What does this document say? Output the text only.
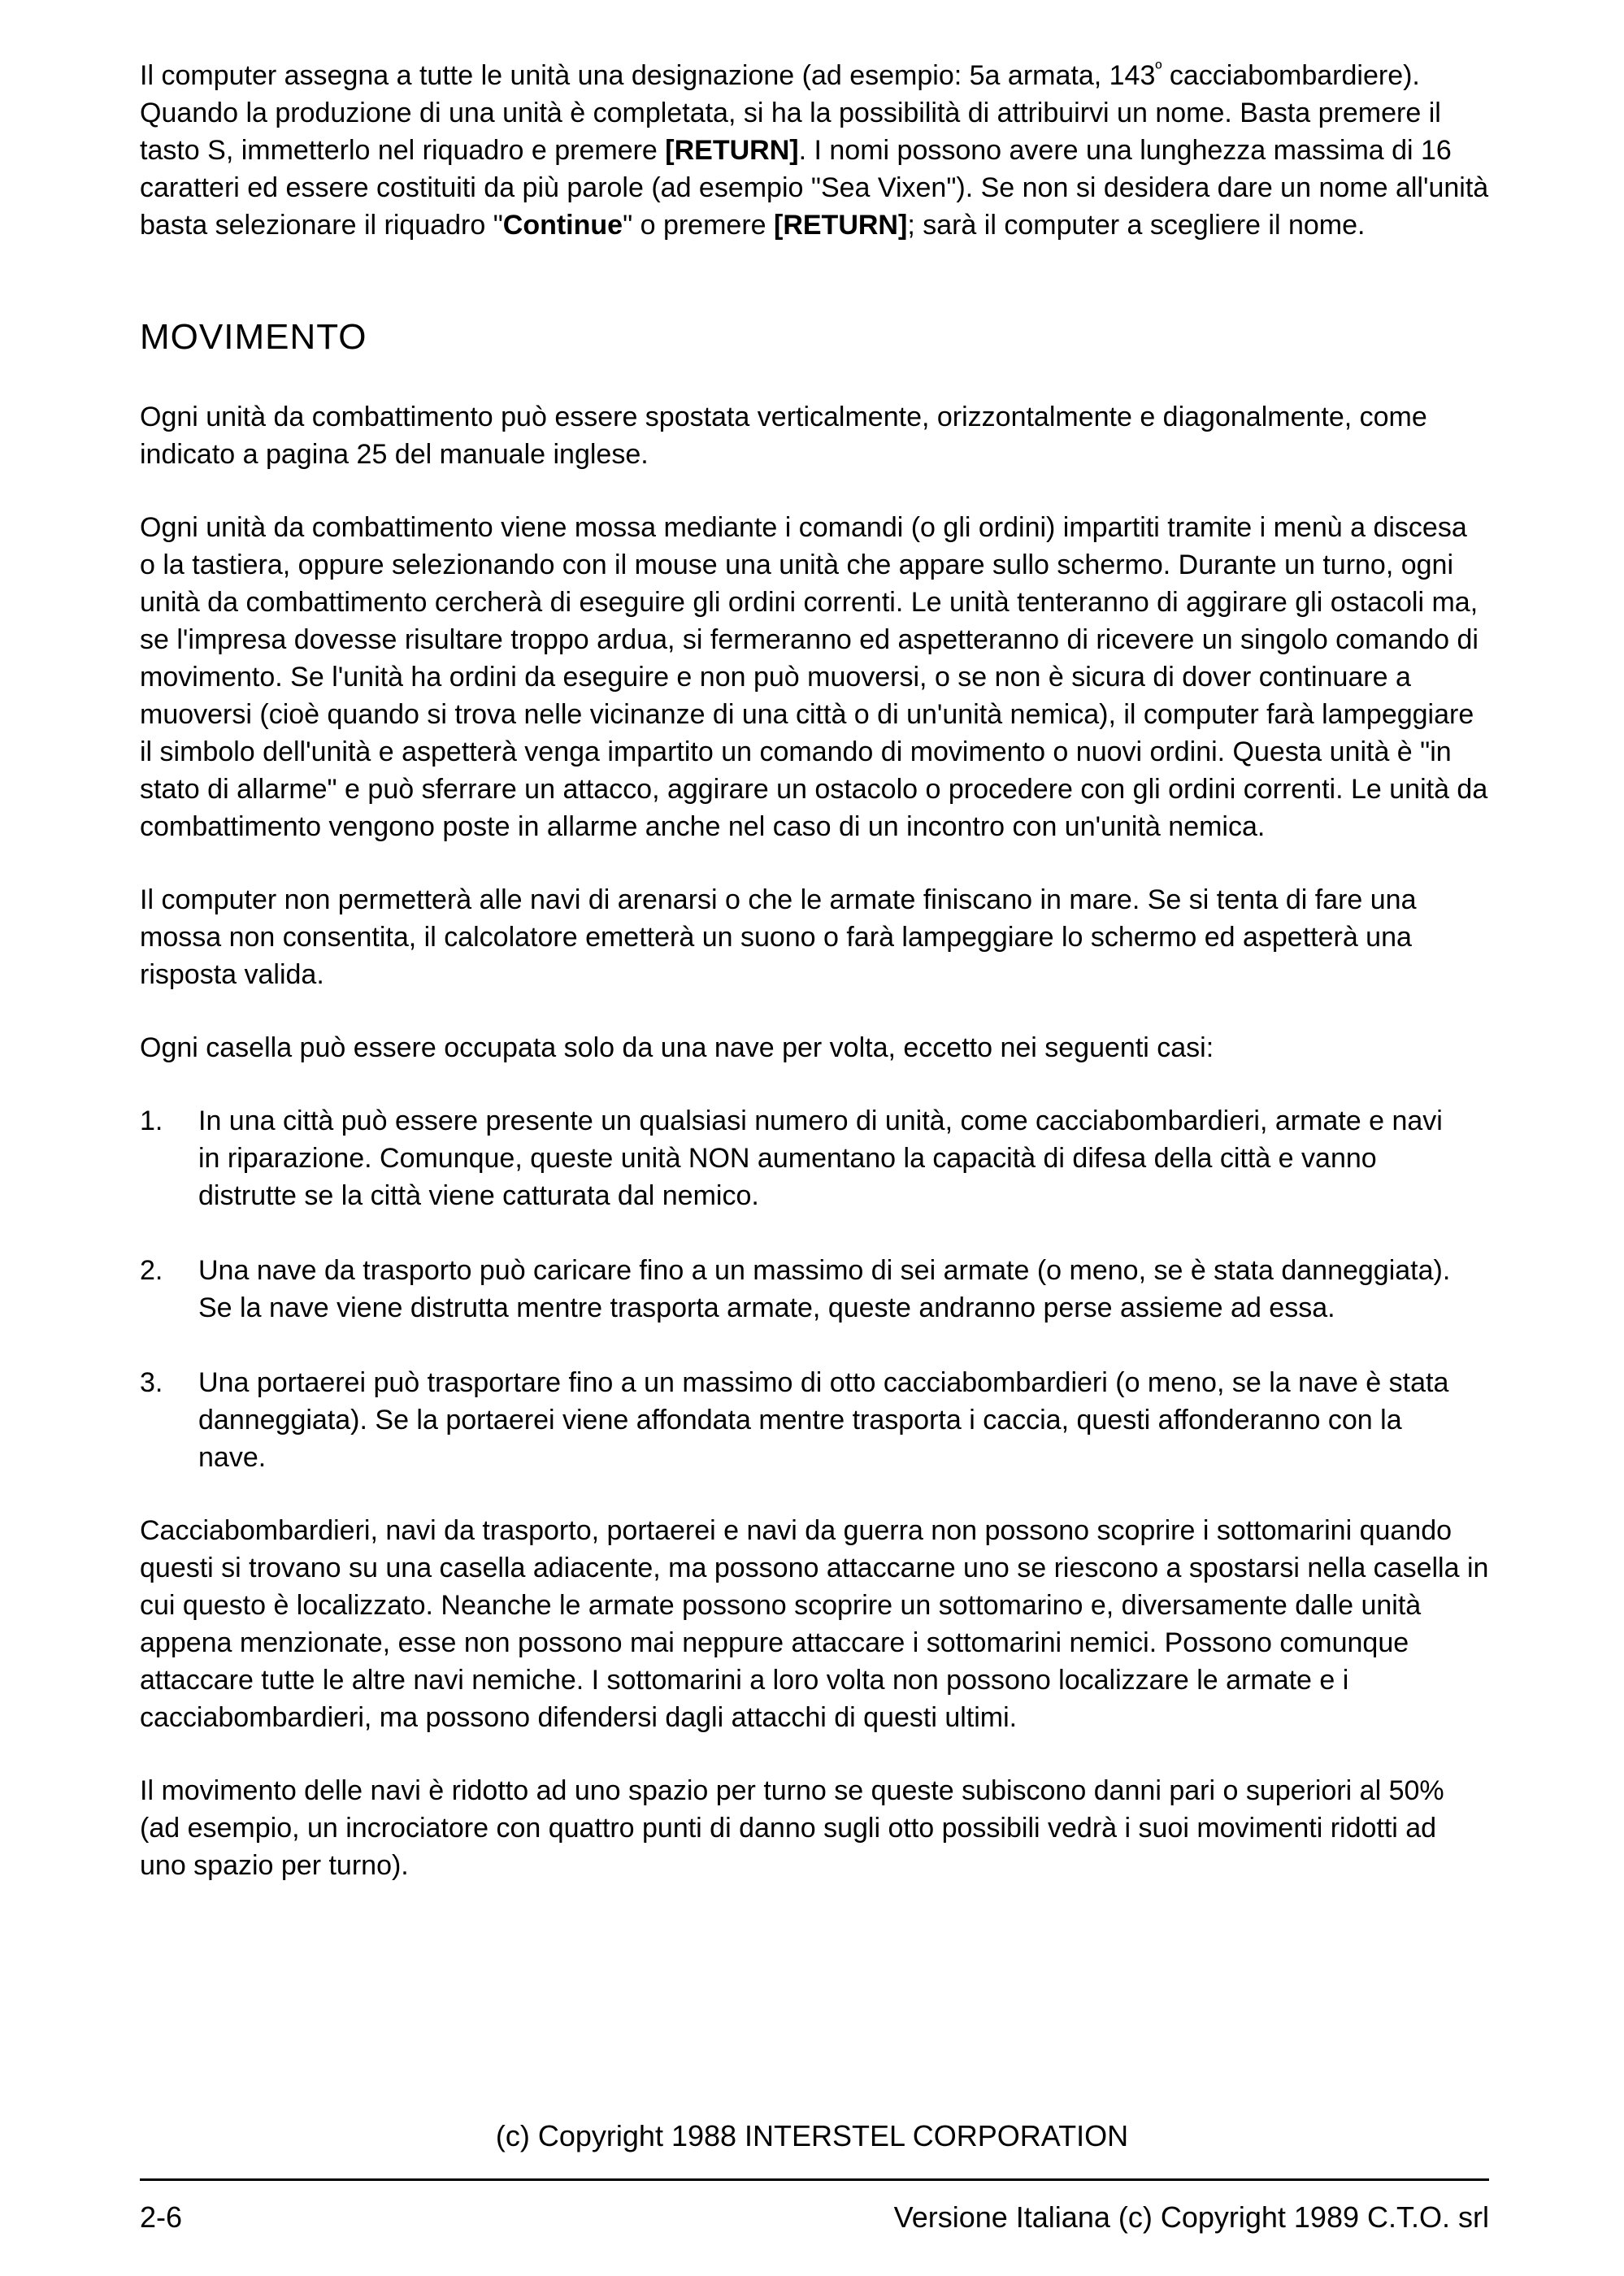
Il computer assegna a tutte le unità una designazione (ad esempio: 5a armata, $143^º$ cacciabombardiere). Quando la produzione di una unità è completata, si ha la possibilità di attribuirvi un nome. Basta premere il tasto S, immetterlo nel riquadro e premere [RETURN]. I nomi possono avere una lunghezza massima di 16 caratteri ed essere costituiti da più parole (ad esempio "Sea Vixen"). Se non si desidera dare un nome all'unità basta selezionare il riquadro "Continue" o premere [RETURN]; sarà il computer a scegliere il nome.

MOVIMENTO

Ogni unità da combattimento può essere spostata verticalmente, orizzontalmente e diagonalmente, come indicato a pagina 25 del manuale inglese.

Ogni unità da combattimento viene mossa mediante i comandi (o gli ordini) impartiti tramite i menù a discesa o la tastiera, oppure selezionando con il mouse una unità che appare sullo schermo. Durante un turno, ogni unità da combattimento cercherà di eseguire gli ordini correnti. Le unità tenteranno di aggirare gli ostacoli ma, se l'impresa dovesse risultare troppo ardua, si fermeranno ed aspetteranno di ricevere un singolo comando di movimento. Se l'unità ha ordini da eseguire e non può muoversi, o se non è sicura di dover continuare a muoversi (cioè quando si trova nelle vicinanze di una città o di un'unità nemica), il computer farà lampeggiare il simbolo dell'unità e aspetterà venga impartito un comando di movimento o nuovi ordini. Questa unità è "in stato di allarme" e può sferrare un attacco, aggirare un ostacolo o procedere con gli ordini correnti. Le unità da combattimento vengono poste in allarme anche nel caso di un incontro con un'unità nemica.

Il computer non permetterà alle navi di arenarsi o che le armate finiscano in mare. Se si tenta di fare una mossa non consentita, il calcolatore emetterà un suono o farà lampeggiare lo schermo ed aspetterà una risposta valida.

Ogni casella può essere occupata solo da una nave per volta, eccetto nei seguenti casi:

1.	In una città può essere presente un qualsiasi numero di unità, come cacciabombardieri, armate e navi in riparazione. Comunque, queste unità NON aumentano la capacità di difesa della città e vanno distrutte se la città viene catturata dal nemico.
2.	Una nave da trasporto può caricare fino a un massimo di sei armate (o meno, se è stata danneggiata). Se la nave viene distrutta mentre trasporta armate, queste andranno perse assieme ad essa.
3.	Una portaerei può trasportare fino a un massimo di otto cacciabombardieri (o meno, se la nave è stata danneggiata). Se la portaerei viene affondata mentre trasporta i caccia, questi affonderanno con la nave.

Cacciabombardieri, navi da trasporto, portaerei e navi da guerra non possono scoprire i sottomarini quando questi si trovano su una casella adiacente, ma possono attaccarne uno se riescono a spostarsi nella casella in cui questo è localizzato. Neanche le armate possono scoprire un sottomarino e, diversamente dalle unità appena menzionate, esse non possono mai neppure attaccare i sottomarini nemici. Possono comunque attaccare tutte le altre navi nemiche. I sottomarini a loro volta non possono localizzare le armate e i cacciabombardieri, ma possono difendersi dagli attacchi di questi ultimi.

Il movimento delle navi è ridotto ad uno spazio per turno se queste subiscono danni pari o superiori al 50% (ad esempio, un incrociatore con quattro punti di danno sugli otto possibili vedrà i suoi movimenti ridotti ad uno spazio per turno).

(c) Copyright 1988 INTERSTEL CORPORATION
2-6	Versione Italiana (c) Copyright 1989 C.T.O. srl
